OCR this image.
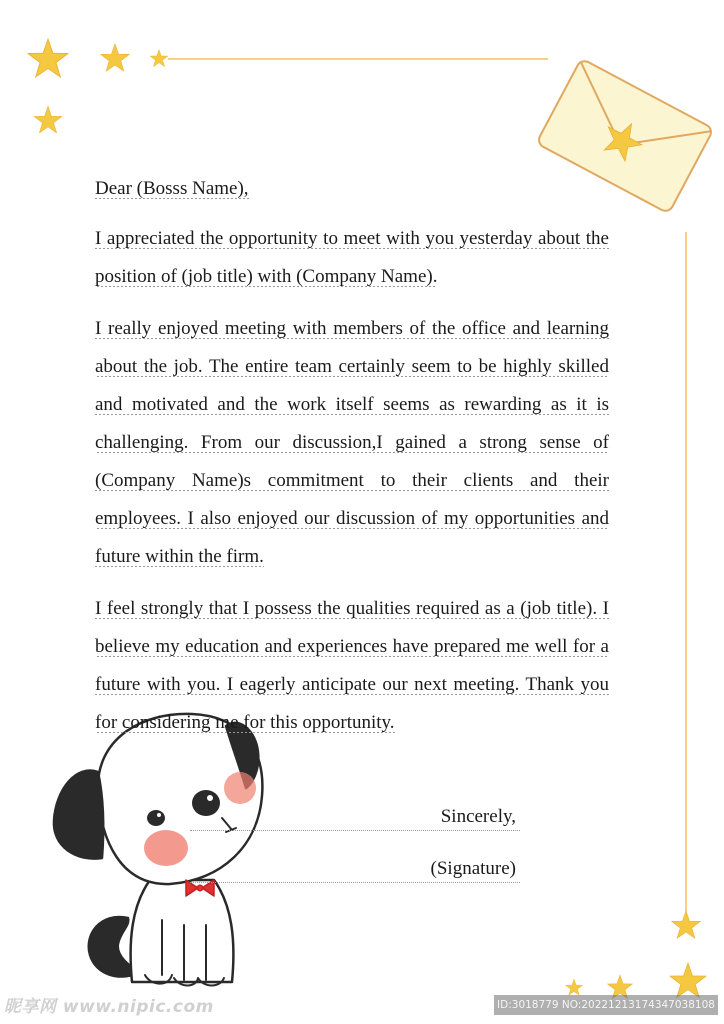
Dear (Bosss Name),

I appreciated the opportunity to meet with you yesterday about the position of (job title) with (Company Name).

I really enjoyed meeting with members of the office and learning about the job. The entire team certainly seem to be highly skilled and motivated and the work itself seems as rewarding as it is challenging. From our discussion,I gained a strong sense of (Company Name)s commitment to their clients and their employees. I also enjoyed our discussion of my opportunities and future within the firm.

I feel strongly that I possess the qualities required as a (job title). I believe my education and experiences have prepared me well for a future with you. I eagerly anticipate our next meeting. Thank you for considering me for this opportunity.

Sincerely,
(Signature)
昵享网 www.nipic.com	ID:3018779 NO:20221213174347038108
